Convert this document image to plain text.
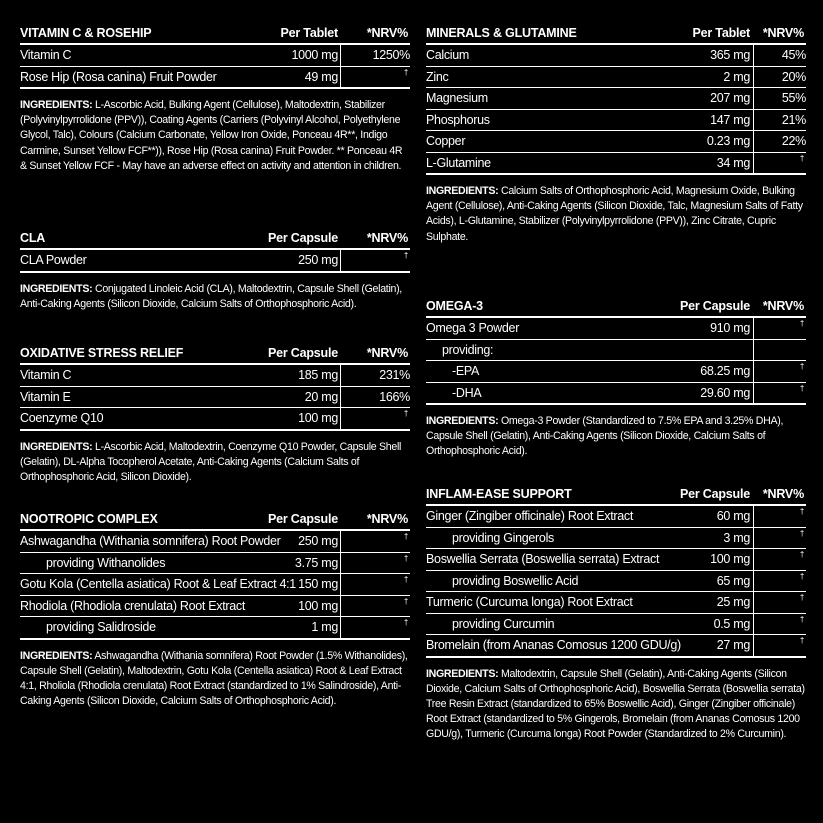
VITAMIN C & ROSEHIP	Per Tablet *NRV%
Vitamin C	1000 mg	1250%
Rose Hip (Rosa canina) Fruit Powder	49 mg	†
INGREDIENTS: L-Ascorbic Acid, Bulking Agent (Cellulose), Maltodextrin, Stabilizer (Polyvinylpyrrolidone (PPV)), Coating Agents (Carriers (Polyvinyl Alcohol, Polyethylene Glycol, Talc), Colours (Calcium Carbonate, Yellow Iron Oxide, Ponceau 4R**, Indigo Carmine, Sunset Yellow FCF**)), Rose Hip (Rosa canina) Fruit Powder. ** Ponceau 4R & Sunset Yellow FCF - May have an adverse effect on activity and attention in children.
CLA	Per Capsule *NRV%
CLA Powder	250 mg	†
INGREDIENTS: Conjugated Linoleic Acid (CLA), Maltodextrin, Capsule Shell (Gelatin), Anti-Caking Agents (Silicon Dioxide, Calcium Salts of Orthophosphoric Acid).
OXIDATIVE STRESS RELIEF	Per Capsule *NRV%
Vitamin C	185 mg	231%
Vitamin E	20 mg	166%
Coenzyme Q10	100 mg	†
INGREDIENTS: L-Ascorbic Acid, Maltodextrin, Coenzyme Q10 Powder, Capsule Shell (Gelatin), DL-Alpha Tocopherol Acetate, Anti-Caking Agents (Calcium Salts of Orthophosphoric Acid, Silicon Dioxide).
NOOTROPIC COMPLEX	Per Capsule *NRV%
Ashwagandha (Withania somnifera) Root Powder 250 mg	†
providing Withanolides	3.75 mg	†
Gotu Kola (Centella asiatica) Root & Leaf Extract 4:1 150 mg	†
Rhodiola (Rhodiola crenulata) Root Extract	100 mg	†
providing Salidroside	1 mg	†
INGREDIENTS: Ashwagandha (Withania somnifera) Root Powder (1.5% Withanolides), Capsule Shell (Gelatin), Maltodextrin, Gotu Kola (Centella asiatica) Root & Leaf Extract 4:1, Rholiola (Rhodiola crenulata) Root Extract (standardized to 1% Salindroside), Anti-Caking Agents (Silicon Dioxide, Calcium Salts of Orthophosphoric Acid).
MINERALS & GLUTAMINE	Per Tablet *NRV%
Calcium	365 mg	45%
Zinc	2 mg	20%
Magnesium	207 mg	55%
Phosphorus	147 mg	21%
Copper	0.23 mg	22%
L-Glutamine	34 mg	†
INGREDIENTS: Calcium Salts of Orthophosphoric Acid, Magnesium Oxide, Bulking Agent (Cellulose), Anti-Caking Agents (Silicon Dioxide, Talc, Magnesium Salts of Fatty Acids), L-Glutamine, Stabilizer (Polyvinylpyrrolidone (PPV)), Zinc Citrate, Cupric Sulphate.
OMEGA-3	Per Capsule *NRV%
Omega 3 Powder	910 mg	†
providing:
-EPA	68.25 mg	†
-DHA	29.60 mg	†
INGREDIENTS: Omega-3 Powder (Standardized to 7.5% EPA and 3.25% DHA), Capsule Shell (Gelatin), Anti-Caking Agents (Silicon Dioxide, Calcium Salts of Orthophosphoric Acid).
INFLAM-EASE SUPPORT	Per Capsule *NRV%
Ginger (Zingiber officinale) Root Extract	60 mg	†
providing Gingerols	3 mg	†
Boswellia Serrata (Boswellia serrata) Extract	100 mg	†
providing Boswellic Acid	65 mg	†
Turmeric (Curcuma longa) Root Extract	25 mg	†
providing Curcumin	0.5 mg	†
Bromelain (from Ananas Comosus 1200 GDU/g)	27 mg	†
INGREDIENTS: Maltodextrin, Capsule Shell (Gelatin), Anti-Caking Agents (Silicon Dioxide, Calcium Salts of Orthophosphoric Acid), Boswellia Serrata (Boswellia serrata) Tree Resin Extract (standardized to 65% Boswellic Acid), Ginger (Zingiber officinale) Root Extract (standardized to 5% Gingerols, Bromelain (from Ananas Comosus 1200 GDU/g), Turmeric (Curcuma longa) Root Powder (Standardized to 2% Curcumin).
